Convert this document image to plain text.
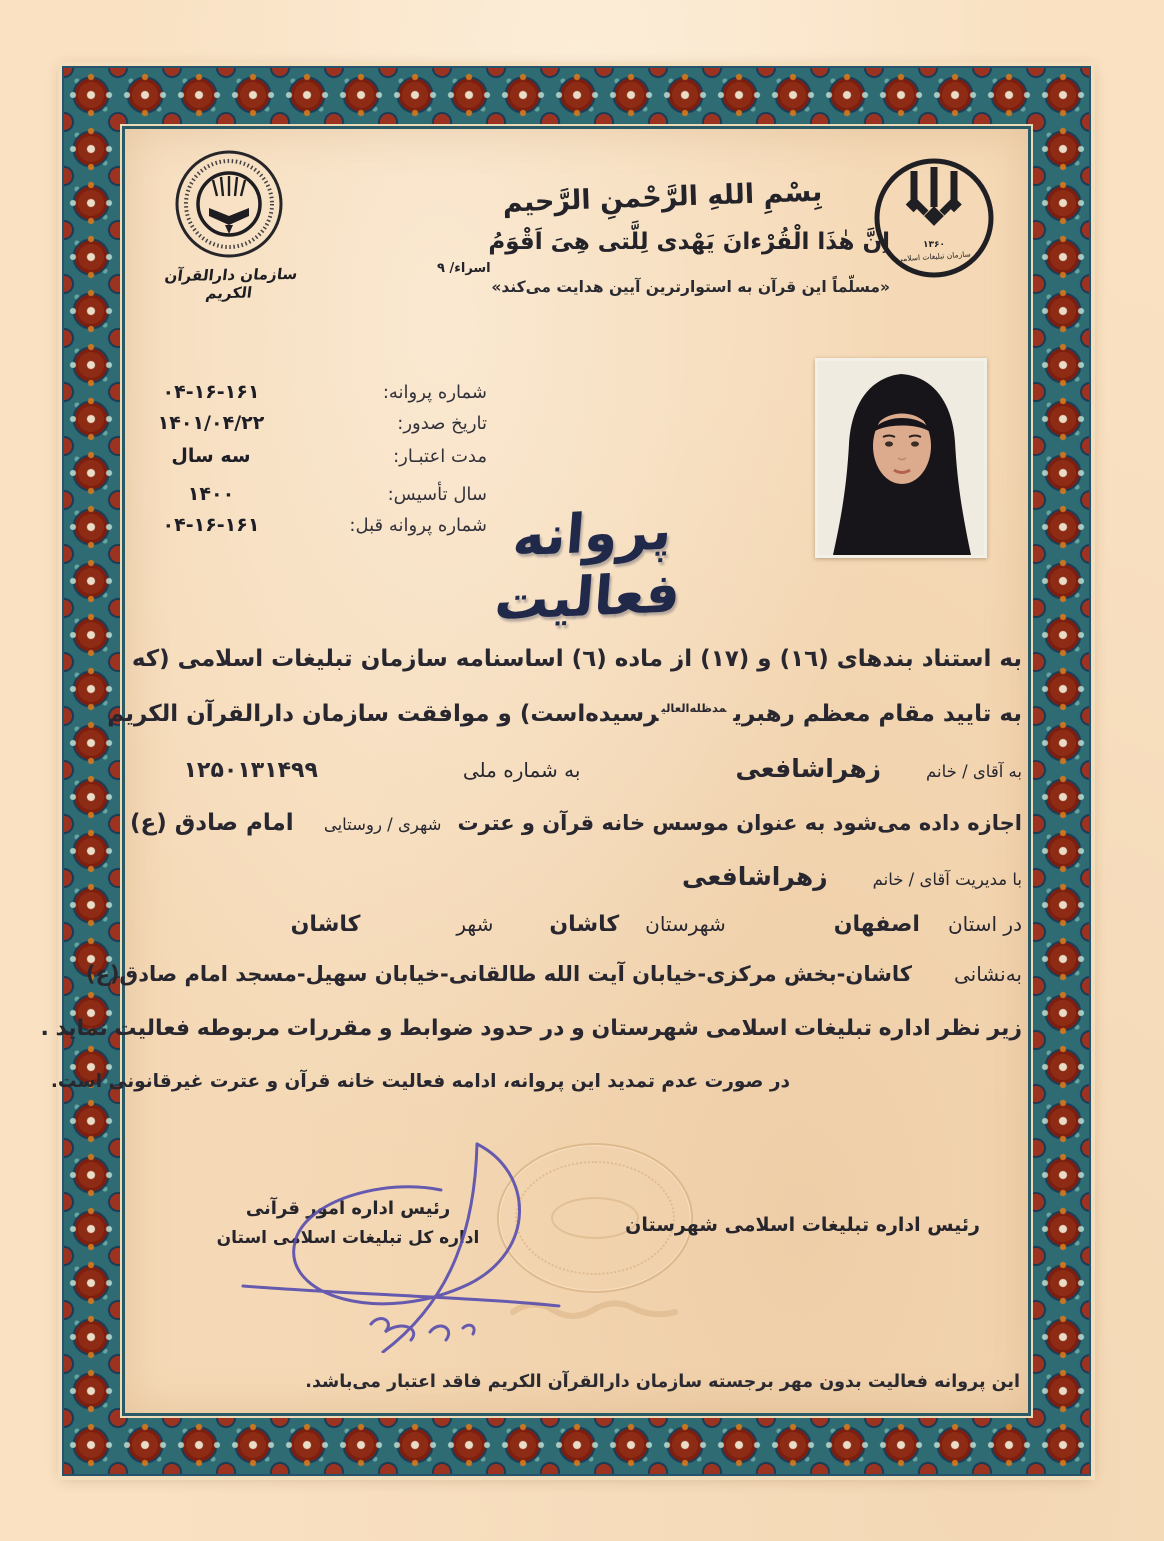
سازمان دارالقرآن الکریم
بِسْمِ اللهِ الرَّحْمنِ الرَّحیم
اِنَّ هٰذَا الْقُرْءانَ یَهْدی لِلَّتی هِیَ اَقْوَمُ
اسراء/ ۹
«مسلّماً این قرآن به استوارترین آیین هدایت می‌کند»
۱۳۶۰
سازمان تبلیغات اسلامی
شماره پروانه:
۰۴-۱۶-۱۶۱
تاریخ صدور:
۱۴۰۱/۰۴/۲۲
مدت اعتبـار:
سه سال
سال تأسیس:
۱۴۰۰
شماره پروانه قبل:
۰۴-۱۶-۱۶۱	پروانه فعالیت
به استناد بندهای (١٦) و (١٧) از ماده (٦) اساسنامه سازمان تبلیغات اسلامی (که
به تایید مقام معظم رهبری$^{مدظله‌العالی}$رسیده‌است) و موافقت سازمان دارالقرآن الکریم
به آقای / خانم
زهراشافعی
به شماره ملی
۱۲۵۰۱۳۱۴۹۹
اجازه داده می‌شود به عنوان موسس خانه قرآن و عترت شهری / روستایی
امام صادق (ع)
با مدیریت آقای / خانم
زهراشافعی
در استان
اصفهان
شهرستان
کاشان
شهر
کاشان
به‌نشانی
کاشان-بخش مرکزی-خیابان آیت الله طالقانی-خیابان سهیل-مسجد امام صادق(ع)
زیر نظر اداره تبلیغات اسلامی شهرستان و در حدود ضوابط و مقررات مربوطه فعالیت نماید .
در صورت عدم تمدید این پروانه، ادامه فعالیت خانه قرآن و عترت غیرقانونی است.
رئیس اداره تبلیغات اسلامی شهرستان
رئیس اداره امور قرآنی
اداره کل تبلیغات اسلامی استان
این پروانه فعالیت بدون مهر برجسته سازمان دارالقرآن الکریم فاقد اعتبار می‌باشد.
